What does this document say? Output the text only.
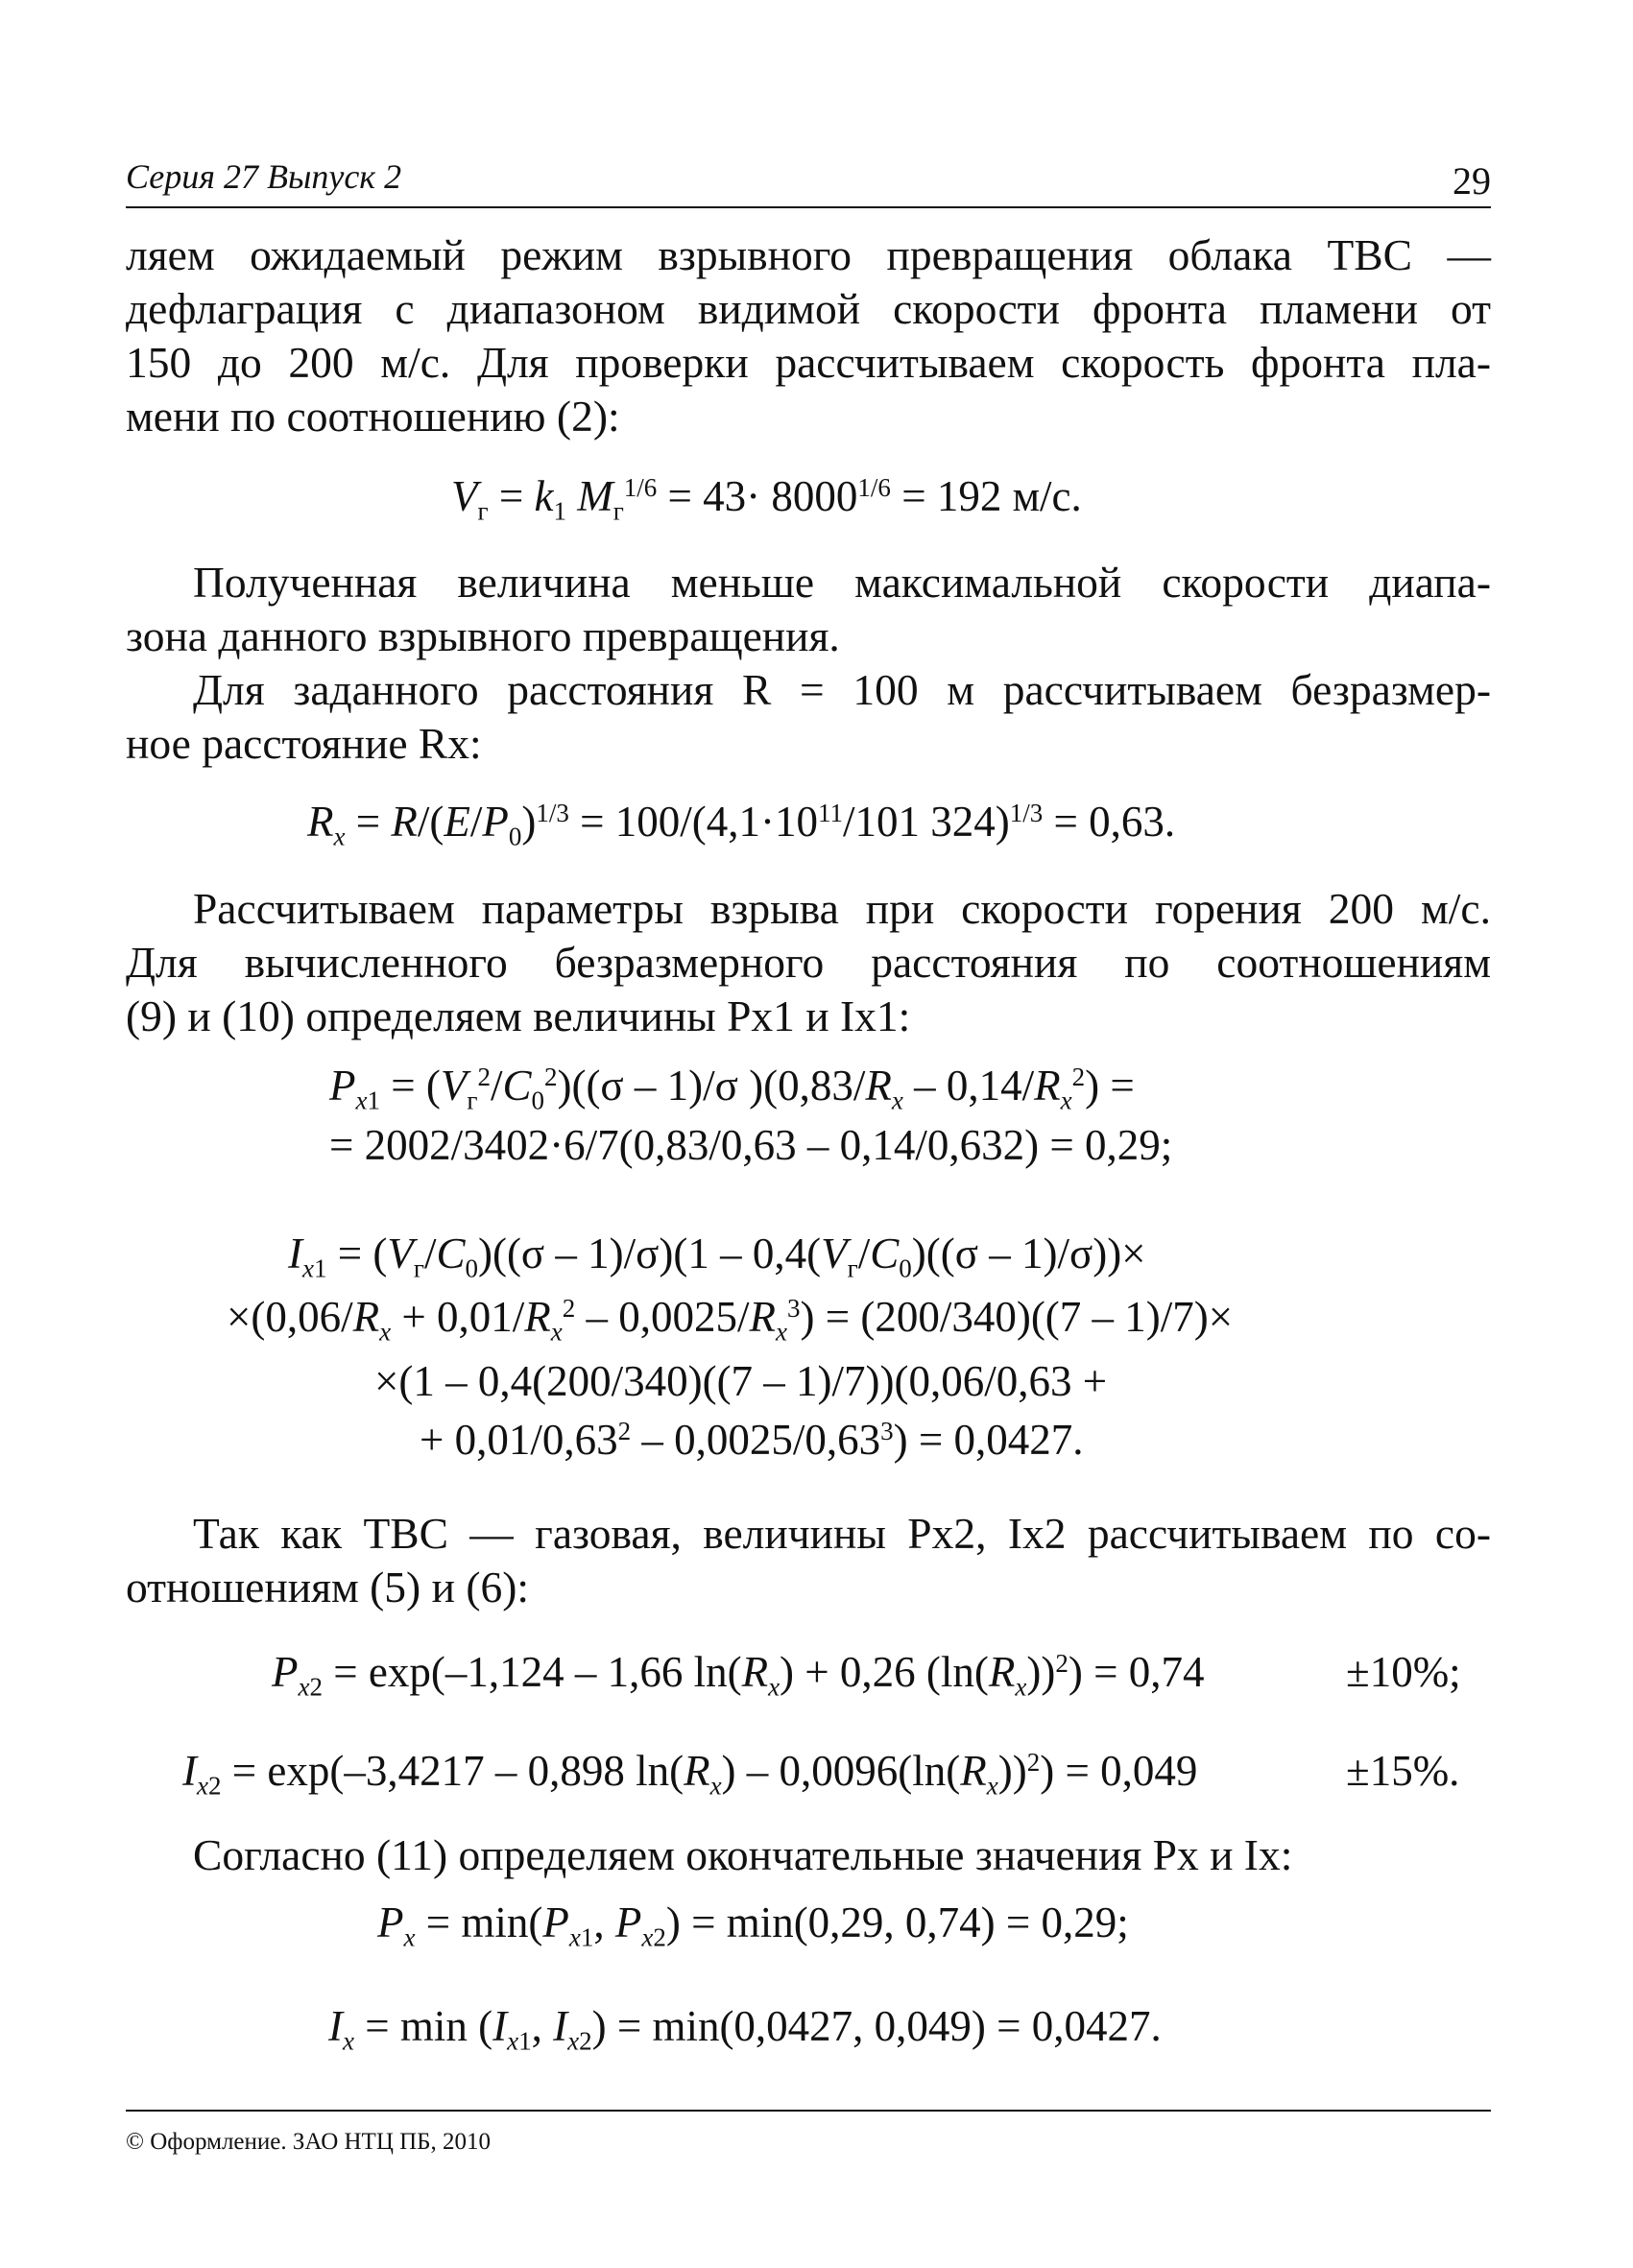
Серия 27 Выпуск 2	29
ляем ожидаемый режим взрывного превращения облака ТВС —
дефлаграция с диапазоном видимой скорости фронта пламени от
150 до 200 м/с. Для проверки рассчитываем скорость фронта пла-
мени по соотношению (2):
$V_г = k_1$ $M_г^{1/6} = 43\cdot 8000^{1/6} = 192$ м/с.
Полученная величина меньше максимальной скорости диапа-
зона данного взрывного превращения.
Для заданного расстояния R = 100 м рассчитываем безразмер-
ное расстояние Rx:
$R_x = R/(E/P_0)^{1/3} = 100/(4,1\cdot 10^{11}/101$ 324)$^{1/3}$ = 0,63.
Рассчитываем параметры взрыва при скорости горения 200 м/с.
Для вычисленного безразмерного расстояния по соотношениям
(9) и (10) определяем величины Px1 и Ix1:
$P_{x1} = (V_г^2/C_0^2)((\sigma - 1)/\sigma$ )$(0,83/R_x - 0,14/R_x^2)$ =
= 2002/3402·6/7(0,83/0,63 – 0,14/0,632) = 0,29;
$I_{x1} = (V_г/C_0)((\sigma - 1)/\sigma)(1 - 0,4(V_г/C_0)((\sigma - 1)/\sigma))\times$
$\times(0,06/R_x + 0,01/R_x^2 - 0,0025/R_x^3) = (200/340)((7 - 1)/7)\times$
×(1 – 0,4(200/340)((7 – 1)/7))(0,06/0,63 +
+ $0,01/0,63^2 - 0,0025/0,63^3) = 0,0427$.
Так как ТВС — газовая, величины Px2, Ix2 рассчитываем по со-
отношениям (5) и (6):
$P_{x2} = \exp(-1,124 - 1,66$ $\ln(R_x) + 0,26$ $(\ln(R_x))^2) = 0,74$	±10%;
$I_{x2} = \exp(-3,4217 - 0,898$ $\ln(R_x) - 0,0096(\ln(R_x))^2) = 0,049$	±15%.
Согласно (11) определяем окончательные значения Px и Ix:
$P_x = \min(P_{x1}$, $P_{x2}) = \min(0,29$, 0,74) = 0,29;
$I_x = \min (I_{x1}$, $I_{x2}) = \min(0,0427$, 0,049) = 0,0427.
© Оформление. ЗАО НТЦ ПБ, 2010
